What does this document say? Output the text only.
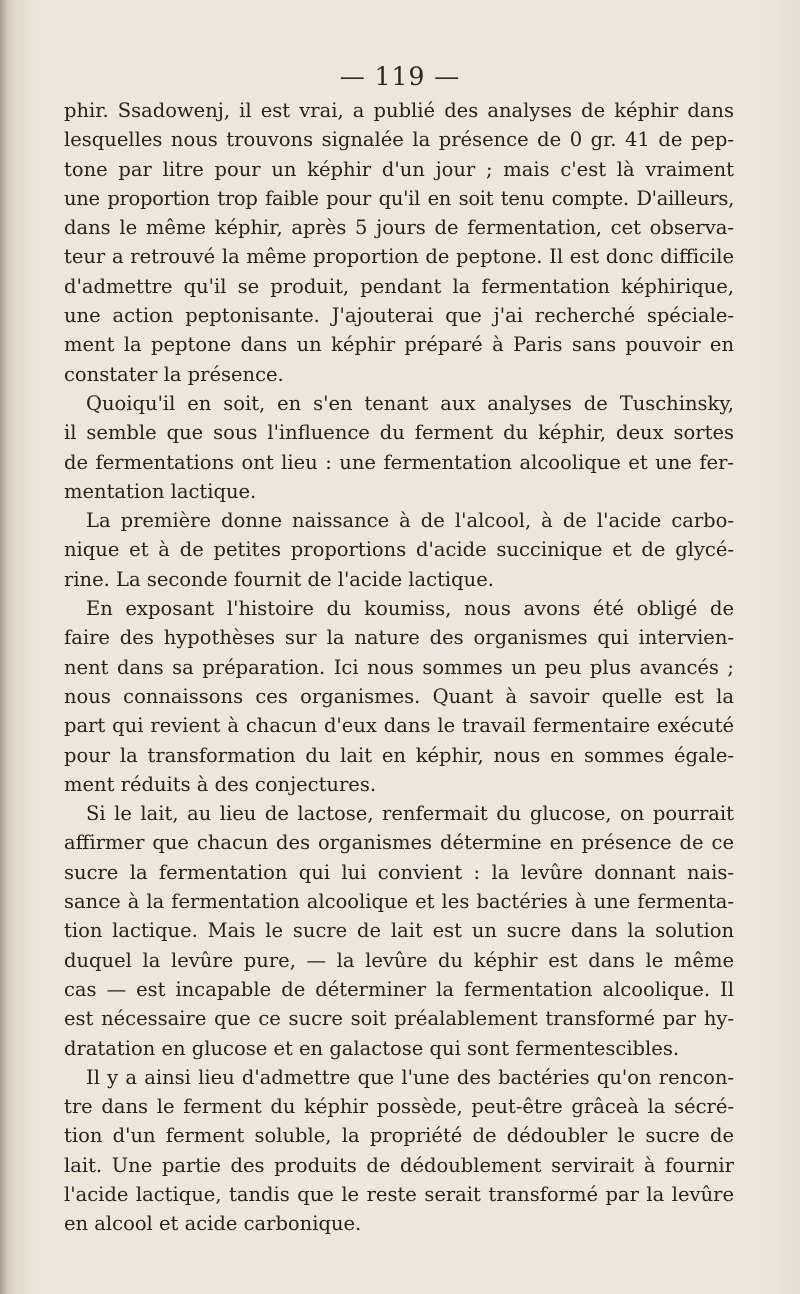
— 119 —
phir. Ssadowenj, il est vrai, a publié des analyses de képhir dans
lesquelles nous trouvons signalée la présence de 0 gr. 41 de pep-
tone par litre pour un képhir d'un jour ; mais c'est là vraiment
une proportion trop faible pour qu'il en soit tenu compte. D'ailleurs,
dans le même képhir, après 5 jours de fermentation, cet observa-
teur a retrouvé la même proportion de peptone. Il est donc difficile
d'admettre qu'il se produit, pendant la fermentation képhirique,
une action peptonisante. J'ajouterai que j'ai recherché spéciale-
ment la peptone dans un képhir préparé à Paris sans pouvoir en
constater la présence.
Quoiqu'il en soit, en s'en tenant aux analyses de Tuschinsky,
il semble que sous l'influence du ferment du képhir, deux sortes
de fermentations ont lieu : une fermentation alcoolique et une fer-
mentation lactique.
La première donne naissance à de l'alcool, à de l'acide carbo-
nique et à de petites proportions d'acide succinique et de glycé-
rine. La seconde fournit de l'acide lactique.
En exposant l'histoire du koumiss, nous avons été obligé de
faire des hypothèses sur la nature des organismes qui intervien-
nent dans sa préparation. Ici nous sommes un peu plus avancés ;
nous connaissons ces organismes. Quant à savoir quelle est la
part qui revient à chacun d'eux dans le travail fermentaire exécuté
pour la transformation du lait en képhir, nous en sommes égale-
ment réduits à des conjectures.
Si le lait, au lieu de lactose, renfermait du glucose, on pourrait
affirmer que chacun des organismes détermine en présence de ce
sucre la fermentation qui lui convient : la levûre donnant nais-
sance à la fermentation alcoolique et les bactéries à une fermenta-
tion lactique. Mais le sucre de lait est un sucre dans la solution
duquel la levûre pure, — la levûre du képhir est dans le même
cas — est incapable de déterminer la fermentation alcoolique. Il
est nécessaire que ce sucre soit préalablement transformé par hy-
dratation en glucose et en galactose qui sont fermentescibles.
Il y a ainsi lieu d'admettre que l'une des bactéries qu'on rencon-
tre dans le ferment du képhir possède, peut-être grâceà la sécré-
tion d'un ferment soluble, la propriété de dédoubler le sucre de
lait. Une partie des produits de dédoublement servirait à fournir
l'acide lactique, tandis que le reste serait transformé par la levûre
en alcool et acide carbonique.
